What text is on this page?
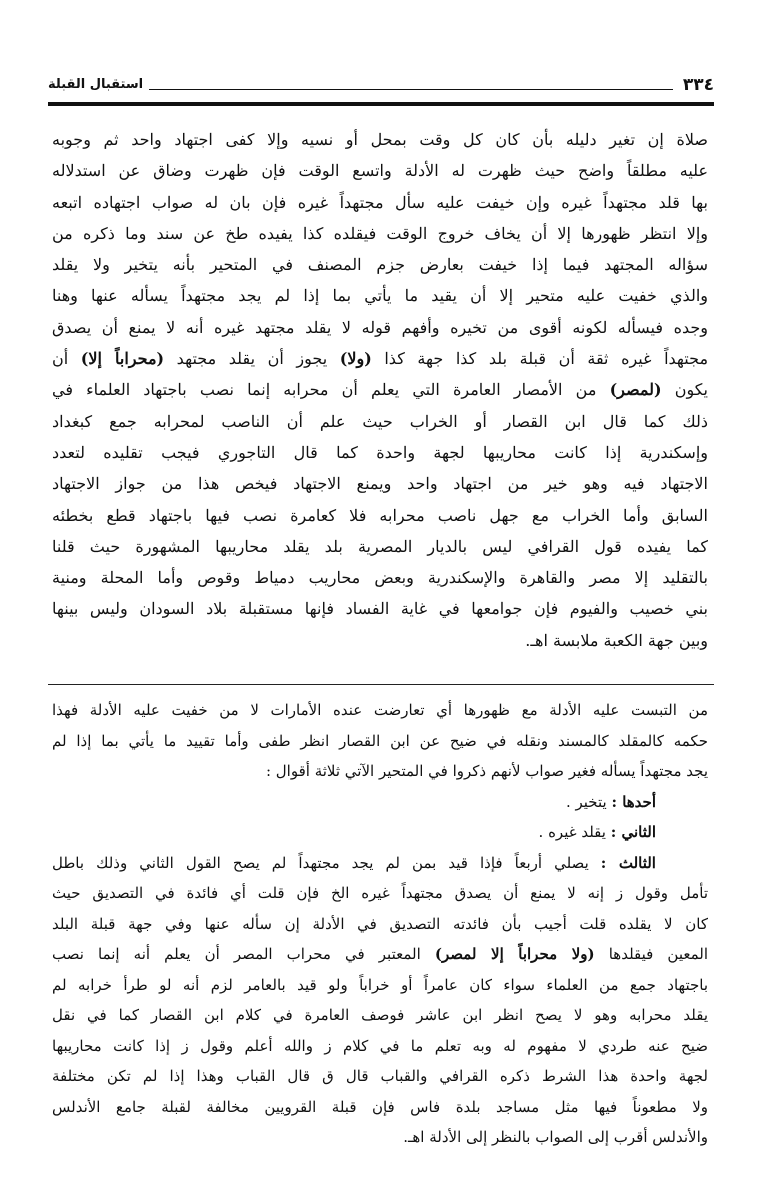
٣٣٤
استقبال القبلة
صلاة إن تغير دليله بأن كان كل وقت بمحل أو نسيه وإلا كفى اجتهاد واحد ثم وجوبه
عليه مطلقاً واضح حيث ظهرت له الأدلة واتسع الوقت فإن ظهرت وضاق عن استدلاله
بها قلد مجتهداً غيره وإن خيفت عليه سأل مجتهداً غيره فإن بان له صواب اجتهاده اتبعه
وإلا انتظر ظهورها إلا أن يخاف خروج الوقت فيقلده كذا يفيده طخ عن سند وما ذكره من
سؤاله المجتهد فيما إذا خيفت بعارض جزم المصنف في المتحير بأنه يتخير ولا يقلد
والذي خفيت عليه متحير إلا أن يقيد ما يأتي بما إذا لم يجد مجتهداً يسأله عنها وهنا
وجده فيسأله لكونه أقوى من تخيره وأفهم قوله لا يقلد مجتهد غيره أنه لا يمنع أن يصدق
مجتهداً غيره ثقة أن قبلة بلد كذا جهة كذا (ولا) يجوز أن يقلد مجتهد (محراباً إلا) أن
يكون (لمصر) من الأمصار العامرة التي يعلم أن محرابه إنما نصب باجتهاد العلماء في
ذلك كما قال ابن القصار أو الخراب حيث علم أن الناصب لمحرابه جمع كبغداد
وإسكندرية إذا كانت محاريبها لجهة واحدة كما قال التاجوري فيجب تقليده لتعدد
الاجتهاد فيه وهو خير من اجتهاد واحد ويمنع الاجتهاد فيخص هذا من جواز الاجتهاد
السابق وأما الخراب مع جهل ناصب محرابه فلا كعامرة نصب فيها باجتهاد قطع بخطئه
كما يفيده قول القرافي ليس بالديار المصرية بلد يقلد محاريبها المشهورة حيث قلنا
بالتقليد إلا مصر والقاهرة والإسكندرية وبعض محاريب دمياط وقوص وأما المحلة ومنية
بني خصيب والفيوم فإن جوامعها في غاية الفساد فإنها مستقبلة بلاد السودان وليس بينها
وبين جهة الكعبة ملابسة اهـ.
من التبست عليه الأدلة مع ظهورها أي تعارضت عنده الأمارات لا من خفيت عليه الأدلة فهذا
حكمه كالمقلد كالمسند ونقله في ضيح عن ابن القصار انظر طفى وأما تقييد ما يأتي بما إذا لم
يجد مجتهداً يسأله فغير صواب لأنهم ذكروا في المتحير الآتي ثلاثة أقوال :
أحدها : يتخير .
الثاني : يقلد غيره .
الثالث : يصلي أربعاً فإذا قيد بمن لم يجد مجتهداً لم يصح القول الثاني وذلك باطل
تأمل وقول ز إنه لا يمنع أن يصدق مجتهداً غيره الخ فإن قلت أي فائدة في التصديق حيث
كان لا يقلده قلت أجيب بأن فائدته التصديق في الأدلة إن سأله عنها وفي جهة قبلة البلد
المعين فيقلدها (ولا محراباً إلا لمصر) المعتبر في محراب المصر أن يعلم أنه إنما نصب
باجتهاد جمع من العلماء سواء كان عامراً أو خراباً ولو قيد بالعامر لزم أنه لو طرأ خرابه لم
يقلد محرابه وهو لا يصح انظر ابن عاشر فوصف العامرة في كلام ابن القصار كما في نقل
ضيح عنه طردي لا مفهوم له وبه تعلم ما في كلام ز والله أعلم وقول ز إذا كانت محاريبها
لجهة واحدة هذا الشرط ذكره القرافي والقباب قال ق قال القباب وهذا إذا لم تكن مختلفة
ولا مطعوناً فيها مثل مساجد بلدة فاس فإن قبلة القرويين مخالفة لقبلة جامع الأندلس
والأندلس أقرب إلى الصواب بالنظر إلى الأدلة اهـ.
